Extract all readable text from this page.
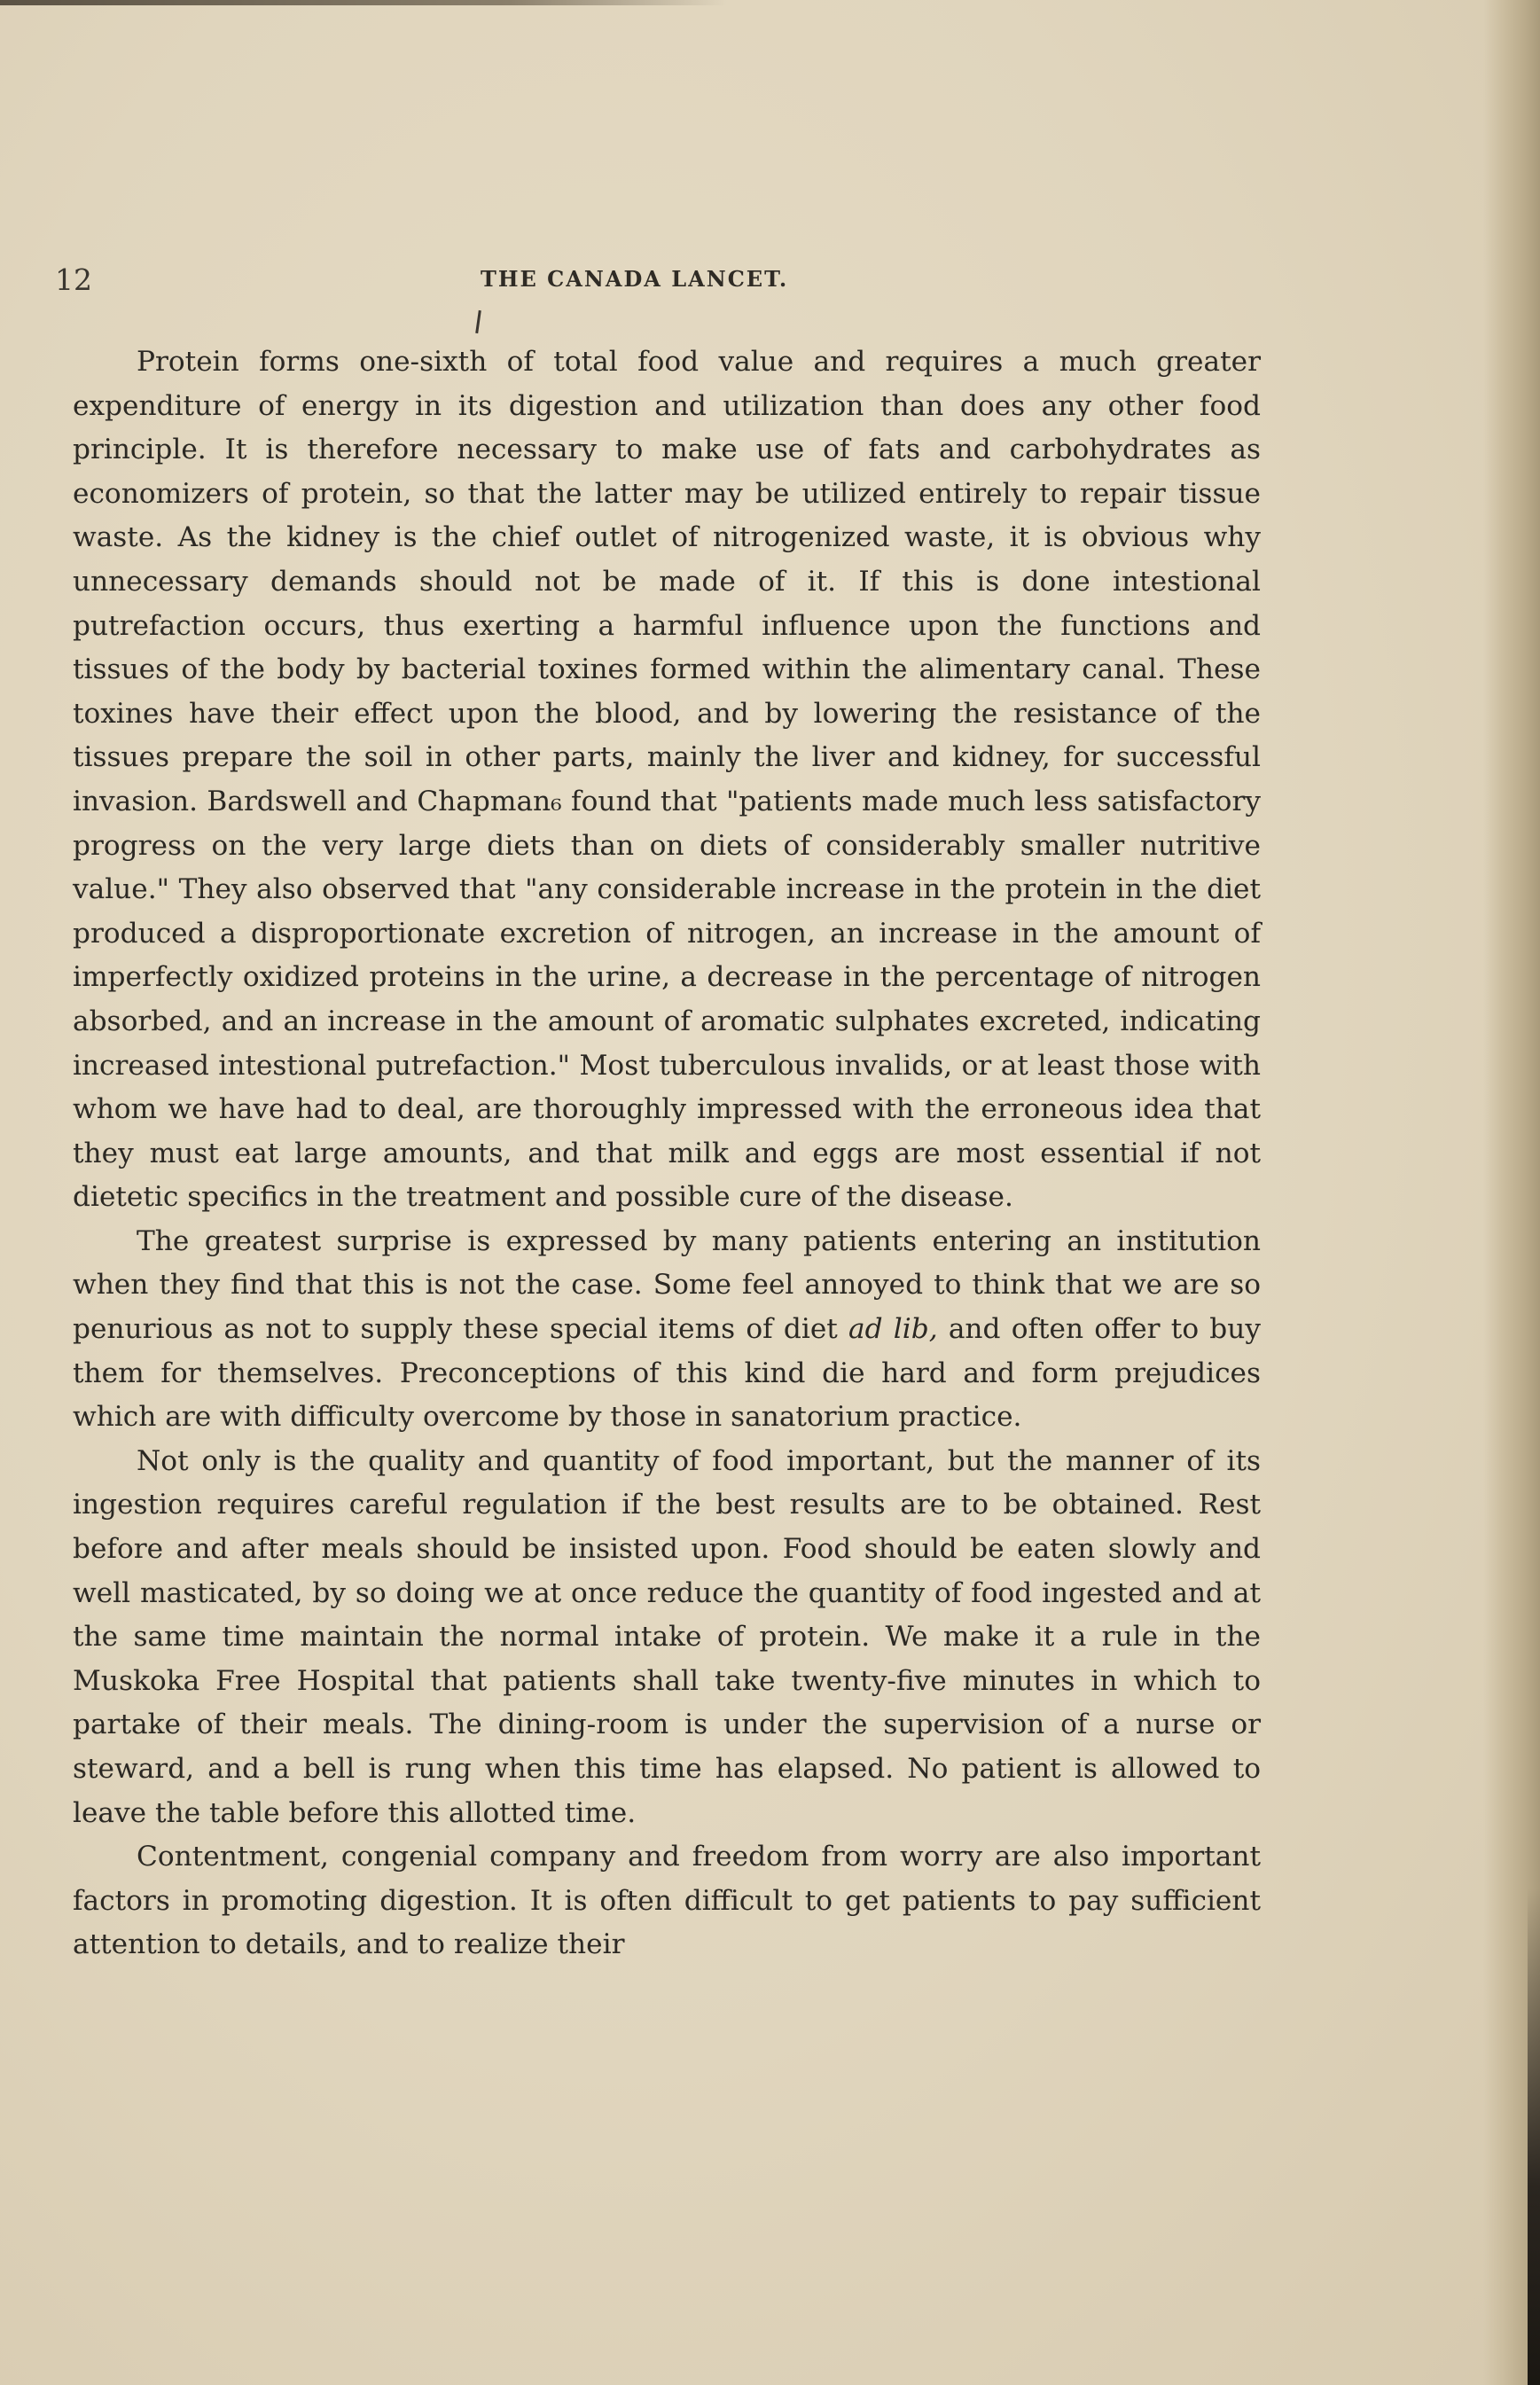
12	THE CANADA LANCET.

Protein forms one-sixth of total food value and requires a much greater expenditure of energy in its digestion and utilization than does any other food principle. It is therefore necessary to make use of fats and carbohydrates as economizers of protein, so that the latter may be utilized entirely to repair tissue waste. As the kidney is the chief outlet of nitrogenized waste, it is obvious why unnecessary demands should not be made of it. If this is done intestional putrefaction occurs, thus exerting a harmful influence upon the functions and tissues of the body by bacterial toxines formed within the alimentary canal. These toxines have their effect upon the blood, and by lowering the resistance of the tissues prepare the soil in other parts, mainly the liver and kidney, for successful invasion. Bardswell and Chapman₆ found that "patients made much less satisfactory progress on the very large diets than on diets of considerably smaller nutritive value." They also observed that "any considerable increase in the protein in the diet produced a disproportionate excretion of nitrogen, an increase in the amount of imperfectly oxidized proteins in the urine, a decrease in the percentage of nitrogen absorbed, and an increase in the amount of aromatic sulphates excreted, indicating increased intestional putrefaction." Most tuberculous invalids, or at least those with whom we have had to deal, are thoroughly impressed with the erroneous idea that they must eat large amounts, and that milk and eggs are most essential if not dietetic specifics in the treatment and possible cure of the disease.

The greatest surprise is expressed by many patients entering an institution when they find that this is not the case. Some feel annoyed to think that we are so penurious as not to supply these special items of diet ad lib, and often offer to buy them for themselves. Preconceptions of this kind die hard and form prejudices which are with difficulty overcome by those in sanatorium practice.

Not only is the quality and quantity of food important, but the manner of its ingestion requires careful regulation if the best results are to be obtained. Rest before and after meals should be insisted upon. Food should be eaten slowly and well masticated, by so doing we at once reduce the quantity of food ingested and at the same time maintain the normal intake of protein. We make it a rule in the Muskoka Free Hospital that patients shall take twenty-five minutes in which to partake of their meals. The dining-room is under the supervision of a nurse or steward, and a bell is rung when this time has elapsed. No patient is allowed to leave the table before this allotted time.

Contentment, congenial company and freedom from worry are also important factors in promoting digestion. It is often difficult to get patients to pay sufficient attention to details, and to realize their
